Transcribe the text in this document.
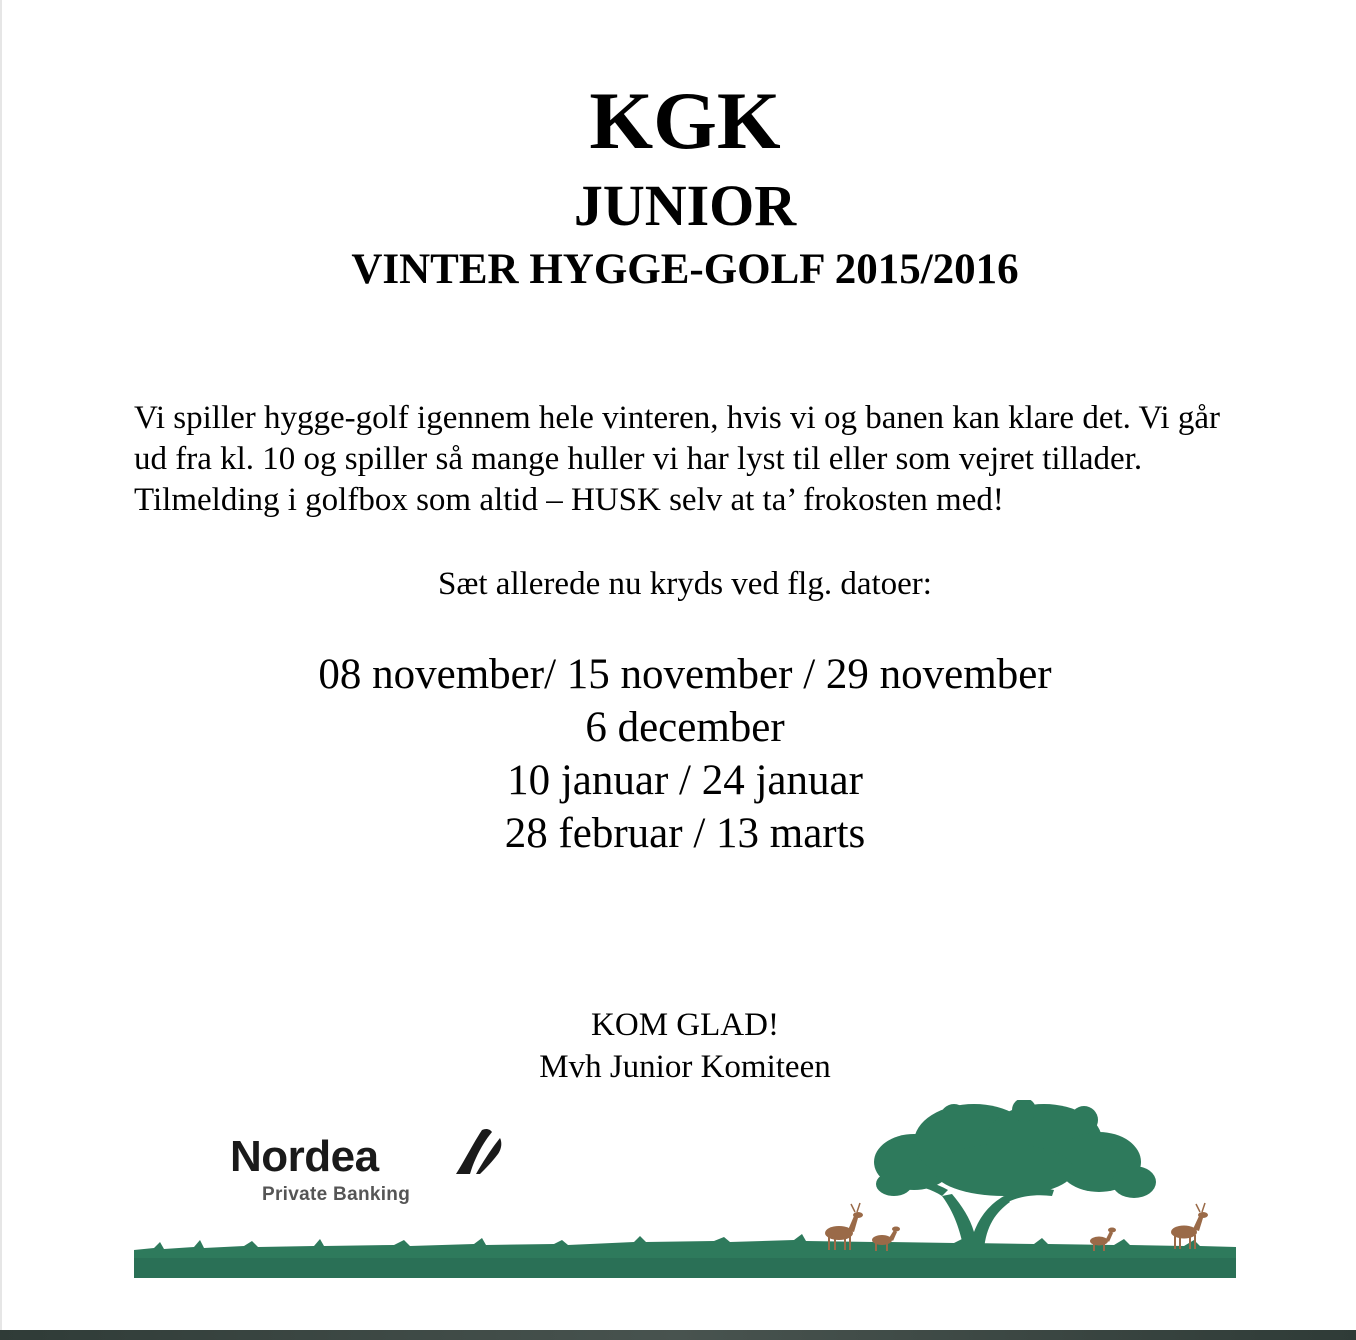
KGK
JUNIOR
VINTER HYGGE-GOLF 2015/2016
Vi spiller hygge-golf igennem hele vinteren, hvis vi og banen kan klare det. Vi går ud fra kl. 10 og spiller så mange huller vi har lyst til eller som vejret tillader. Tilmelding i golfbox som altid – HUSK selv at ta’ frokosten med!
Sæt allerede nu kryds ved flg. datoer:
08 november/ 15 november / 29 november
6 december
10 januar / 24 januar
28 februar / 13 marts
KOM GLAD!
Mvh Junior Komiteen
Nordea
Private Banking
